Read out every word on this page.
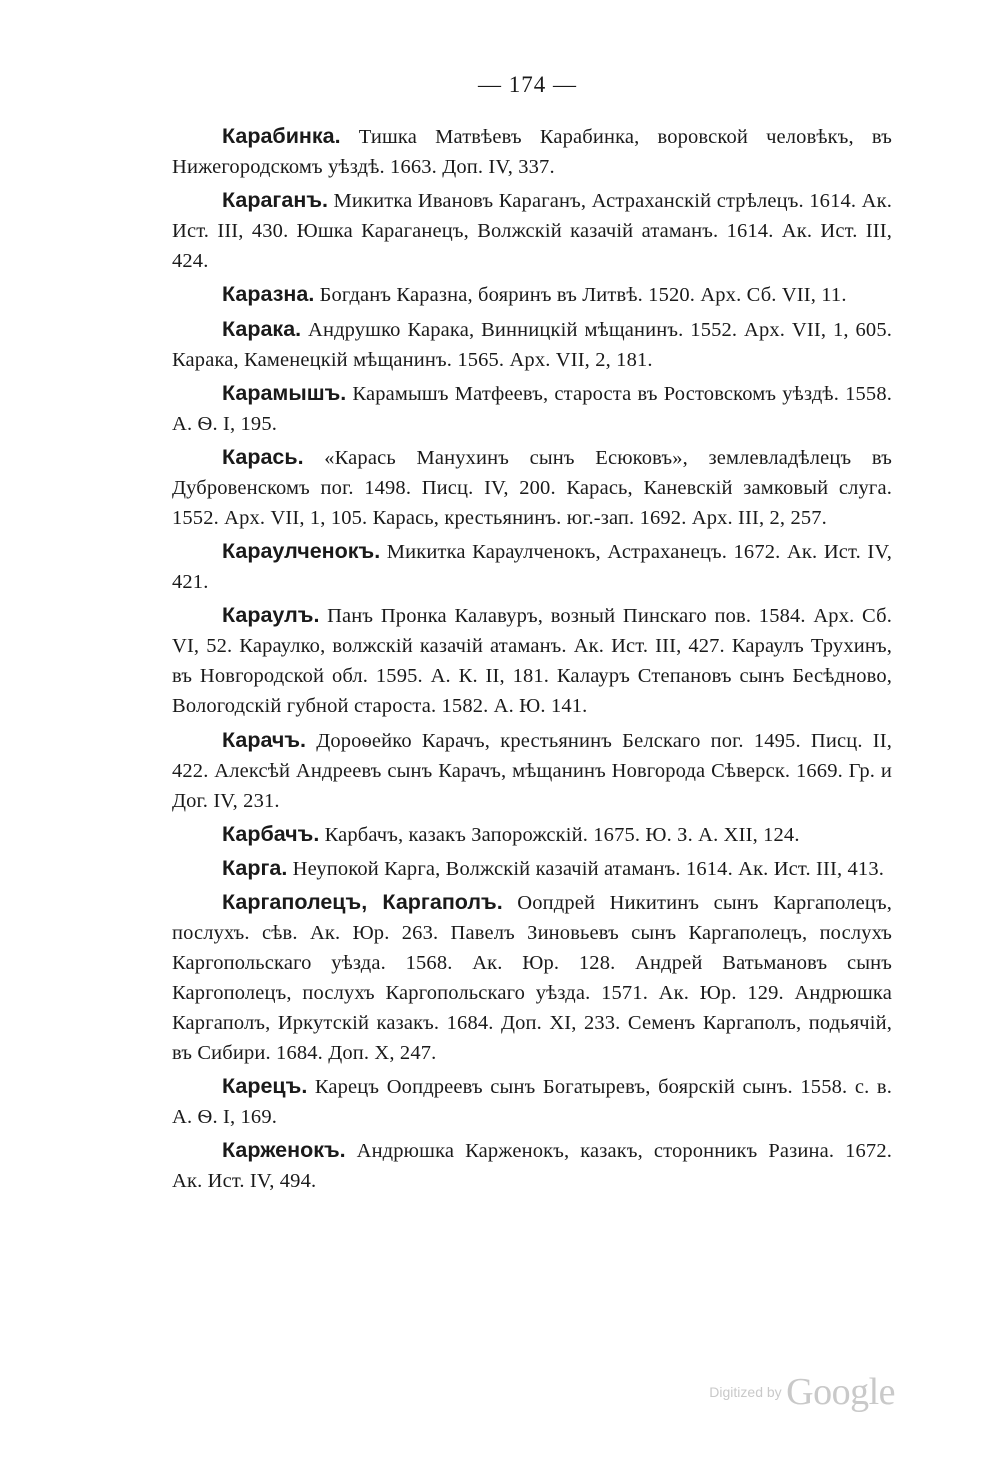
— 174 —

Карабинка. Тишка Матвѣевъ Карабинка, воровской человѣкъ, въ Нижегородскомъ уѣздѣ. 1663. Доп. IV, 337.

Караганъ. Микитка Ивановъ Караганъ, Астраханскій стрѣлецъ. 1614. Ак. Ист. III, 430. Юшка Караганецъ, Волжскій казачій атаманъ. 1614. Ак. Ист. III, 424.

Каразна. Богданъ Каразна, бояринъ въ Литвѣ. 1520. Арх. Сб. VII, 11.

Карака. Андрушко Карака, Винницкій мѣщанинъ. 1552. Арх. VII, 1, 605. Карака, Каменецкій мѣщанинъ. 1565. Арх. VII, 2, 181.

Карамышъ. Карамышъ Матфеевъ, староста въ Ростовскомъ уѣздѣ. 1558. А. Ѳ. I, 195.

Карась. «Карась Манухинъ сынъ Есюковъ», землевладѣлецъ въ Дубровенскомъ пог. 1498. Писц. IV, 200. Карась, Каневскій замковый слуга. 1552. Арх. VII, 1, 105. Карась, крестьянинъ. юг.-зап. 1692. Арх. III, 2, 257.

Караулченокъ. Микитка Караулченокъ, Астраханецъ. 1672. Ак. Ист. IV, 421.

Караулъ. Панъ Пронка Калавуръ, возный Пинскаго пов. 1584. Арх. Сб. VI, 52. Караулко, волжскій казачій атаманъ. Ак. Ист. III, 427. Караулъ Трухинъ, въ Новгородской обл. 1595. А. К. II, 181. Калауръ Степановъ сынъ Бесѣдново, Вологодскій губной староста. 1582. А. Ю. 141.

Карачъ. Дороѳейко Карачъ, крестьянинъ Белскаго пог. 1495. Писц. II, 422. Алексѣй Андреевъ сынъ Карачъ, мѣщанинъ Новгорода Сѣверск. 1669. Гр. и Дог. IV, 231.

Карбачъ. Карбачъ, казакъ Запорожскій. 1675. Ю. З. А. XII, 124.

Карга. Неупокой Карга, Волжскій казачій атаманъ. 1614. Ак. Ист. III, 413.

Каргаполецъ, Каргаполъ. Оопдрей Никитинъ сынъ Каргаполецъ, послухъ. сѣв. Ак. Юр. 263. Павелъ Зиновьевъ сынъ Каргаполецъ, послухъ Каргопольскаго уѣзда. 1568. Ак. Юр. 128. Андрей Ватьмановъ сынъ Каргополецъ, послухъ Каргопольскаго уѣзда. 1571. Ак. Юр. 129. Андрюшка Каргаполъ, Иркутскій казакъ. 1684. Доп. XI, 233. Семенъ Каргаполъ, подьячій, въ Сибири. 1684. Доп. X, 247.

Карецъ. Карецъ Оопдреевъ сынъ Богатыревъ, боярскій сынъ. 1558. с. в. А. Ѳ. I, 169.

Карженокъ. Андрюшка Карженокъ, казакъ, сторонникъ Разина. 1672. Ак. Ист. IV, 494.

Digitized by Google
